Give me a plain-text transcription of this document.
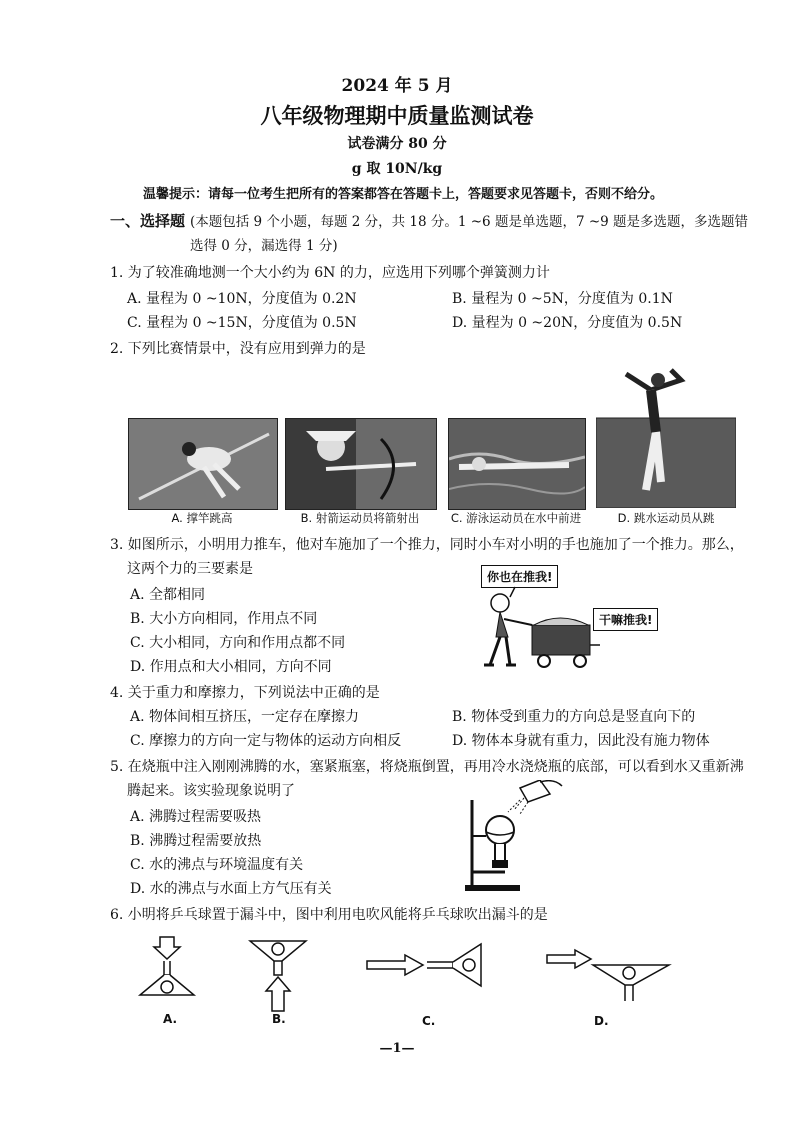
2024 年 5 月
八年级物理期中质量监测试卷
试卷满分 80 分
g 取 10N/kg
温馨提示：请每一位考生把所有的答案都答在答题卡上，答题要求见答题卡，否则不给分。
一、选择题 (本题包括 9 个小题，每题 2 分，共 18 分。1 ~6 题是单选题，7 ~9 题是多选题，多选题错
选得 0 分，漏选得 1 分)
1. 为了较准确地测一个大小约为 6N 的力，应选用下列哪个弹簧测力计
A. 量程为 0 ~10N，分度值为 0.2N	B. 量程为 0 ~5N，分度值为 0.1N
C. 量程为 0 ~15N，分度值为 0.5N	D. 量程为 0 ~20N，分度值为 0.5N
2. 下列比赛情景中，没有应用到弹力的是
A. 撑竿跳高	B. 射箭运动员将箭射出	C. 游泳运动员在水中前进	D. 跳水运动员从跳
3. 如图所示，小明用力推车，他对车施加了一个推力，同时小车对小明的手也施加了一个推力。那么，
这两个力的三要素是
A. 全都相同
B. 大小方向相同，作用点不同
C. 大小相同，方向和作用点都不同
D. 作用点和大小相同，方向不同
你也在推我!
干嘛推我!
4. 关于重力和摩擦力，下列说法中正确的是
A. 物体间相互挤压，一定存在摩擦力	B. 物体受到重力的方向总是竖直向下的
C. 摩擦力的方向一定与物体的运动方向相反	D. 物体本身就有重力，因此没有施力物体
5. 在烧瓶中注入刚刚沸腾的水，塞紧瓶塞，将烧瓶倒置，再用冷水浇烧瓶的底部，可以看到水又重新沸
腾起来。该实验现象说明了
A. 沸腾过程需要吸热
B. 沸腾过程需要放热
C. 水的沸点与环境温度有关
D. 水的沸点与水面上方气压有关
6. 小明将乒乓球置于漏斗中，图中利用电吹风能将乒乓球吹出漏斗的是
A.	B.	C.	D.
—1—
